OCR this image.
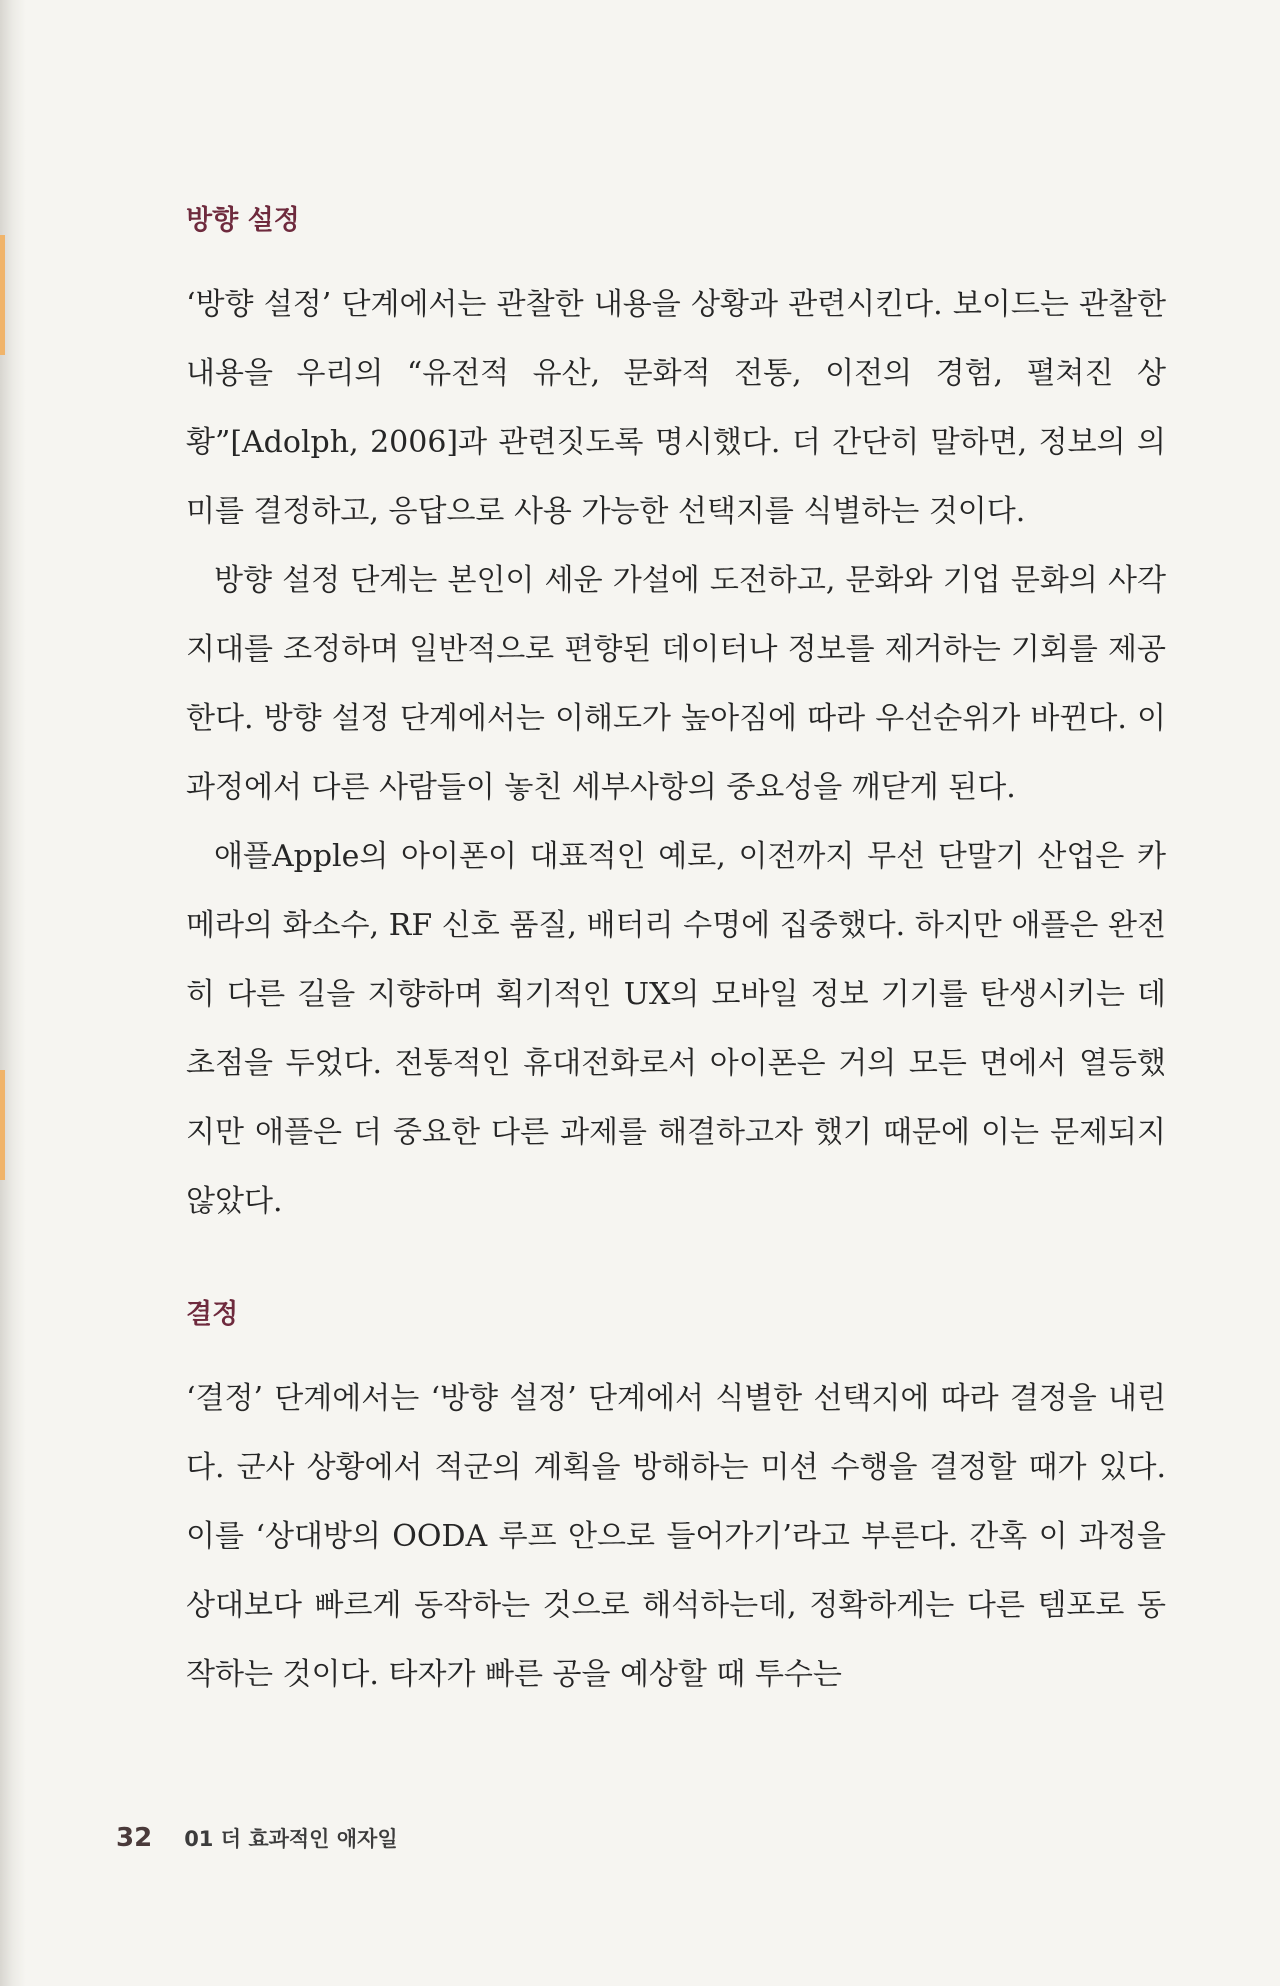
방향 설정

‘방향 설정’ 단계에서는 관찰한 내용을 상황과 관련시킨다. 보이드는 관찰한 내용을 우리의 “유전적 유산, 문화적 전통, 이전의 경험, 펼쳐진 상황”[Adolph, 2006]과 관련짓도록 명시했다. 더 간단히 말하면, 정보의 의미를 결정하고, 응답으로 사용 가능한 선택지를 식별하는 것이다.

방향 설정 단계는 본인이 세운 가설에 도전하고, 문화와 기업 문화의 사각 지대를 조정하며 일반적으로 편향된 데이터나 정보를 제거하는 기회를 제공한다. 방향 설정 단계에서는 이해도가 높아짐에 따라 우선순위가 바뀐다. 이 과정에서 다른 사람들이 놓친 세부사항의 중요성을 깨닫게 된다.

애플Apple의 아이폰이 대표적인 예로, 이전까지 무선 단말기 산업은 카메라의 화소수, RF 신호 품질, 배터리 수명에 집중했다. 하지만 애플은 완전히 다른 길을 지향하며 획기적인 UX의 모바일 정보 기기를 탄생시키는 데 초점을 두었다. 전통적인 휴대전화로서 아이폰은 거의 모든 면에서 열등했지만 애플은 더 중요한 다른 과제를 해결하고자 했기 때문에 이는 문제되지 않았다.

결정

‘결정’ 단계에서는 ‘방향 설정’ 단계에서 식별한 선택지에 따라 결정을 내린다. 군사 상황에서 적군의 계획을 방해하는 미션 수행을 결정할 때가 있다. 이를 ‘상대방의 OODA 루프 안으로 들어가기’라고 부른다. 간혹 이 과정을 상대보다 빠르게 동작하는 것으로 해석하는데, 정확하게는 다른 템포로 동작하는 것이다. 타자가 빠른 공을 예상할 때 투수는

32 01 더 효과적인 애자일
